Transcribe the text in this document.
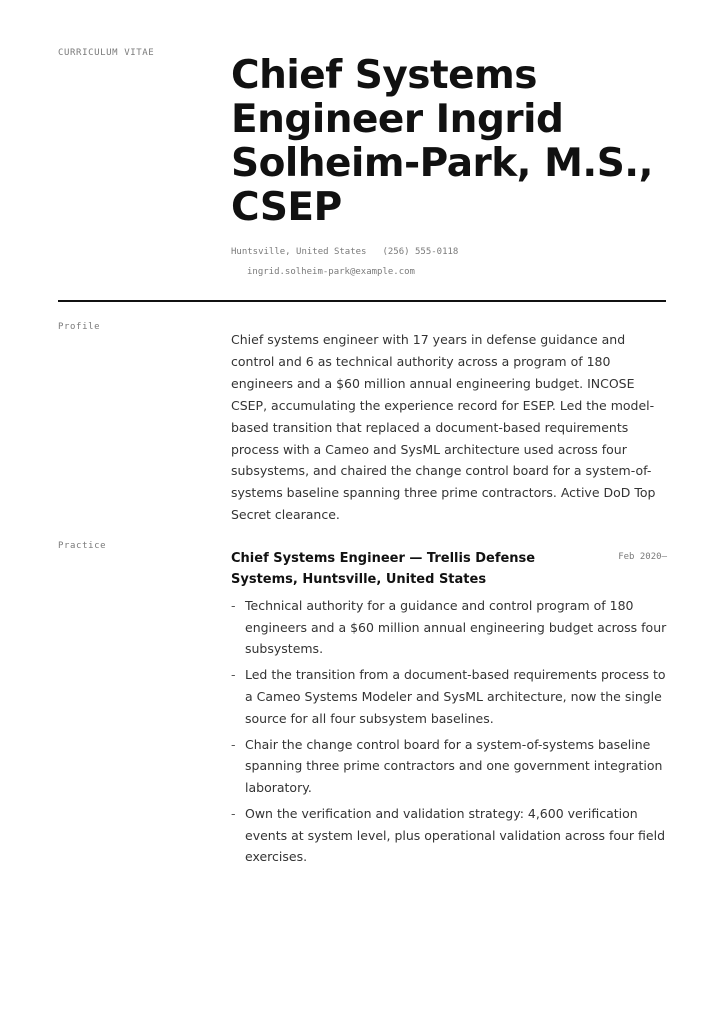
CURRICULUM VITAE Chief Systems Engineer Ingrid Solheim-Park, M.S., CSEP
Huntsville, United States (256) 555-0118
ingrid.solheim-park@example.com
Profile
Chief systems engineer with 17 years in defense guidance and control and 6 as technical authority across a program of 180 engineers and a $60 million annual engineering budget. INCOSE CSEP, accumulating the experience record for ESEP. Led the model-based transition that replaced a document-based requirements process with a Cameo and SysML architecture used across four subsystems, and chaired the change control board for a system-of-systems baseline spanning three prime contractors. Active DoD Top Secret clearance.
Practice

Chief Systems Engineer — Trellis Defense Systems, Huntsville, United States

Feb 2020–
- Technical authority for a guidance and control program of 180 engineers and a $60 million annual engineering budget across four subsystems.
- Led the transition from a document-based requirements process to a Cameo Systems Modeler and SysML architecture, now the single source for all four subsystem baselines.
- Chair the change control board for a system-of-systems baseline spanning three prime contractors and one government integration laboratory.
- Own the verification and validation strategy: 4,600 verification events at system level, plus operational validation across four field exercises.
